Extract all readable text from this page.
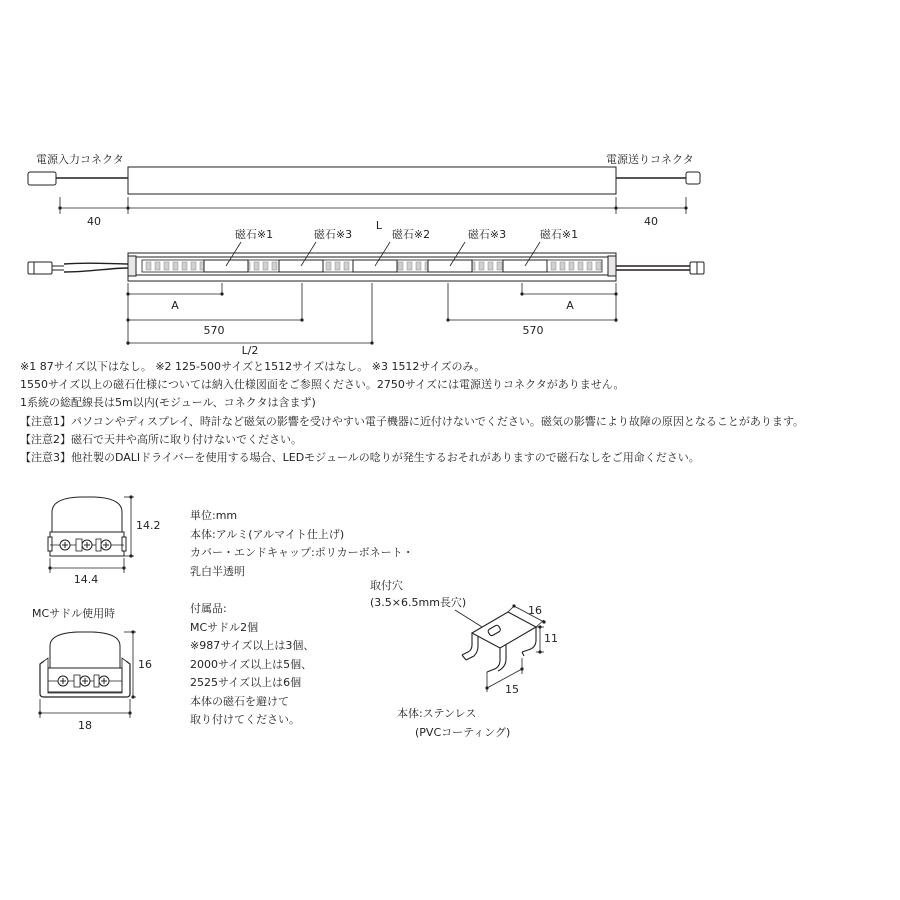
電源入力コネクタ	電源送りコネクタ
40	L	40
磁石※1	磁石※3	磁石※2	磁石※3	磁石※1
A	A
570	570
L/2
14.2
14.4
MCサドル使用時
16
18
取付穴
(3.5×6.5mm長穴)
16
11
15
本体:ステンレス
(PVCコーティング)
※1 87サイズ以下はなし。 ※2 125-500サイズと1512サイズはなし。 ※3 1512サイズのみ。
1550サイズ以上の磁石仕様については納入仕様図面をご参照ください。2750サイズには電源送りコネクタがありません。
1系統の総配線長は5m以内(モジュール、コネクタは含まず)
【注意1】パソコンやディスプレイ、時計など磁気の影響を受けやすい電子機器に近付けないでください。磁気の影響により故障の原因となることがあります。
【注意2】磁石で天井や高所に取り付けないでください。
【注意3】他社製のDALIドライバーを使用する場合、LEDモジュールの唸りが発生するおそれがありますので磁石なしをご用命ください。
単位:mm
本体:アルミ(アルマイト仕上げ)
カバー・エンドキャップ:ポリカーボネート・
乳白半透明
付属品:
MCサドル2個
※987サイズ以上は3個、
2000サイズ以上は5個、
2525サイズ以上は6個
本体の磁石を避けて
取り付けてください。
